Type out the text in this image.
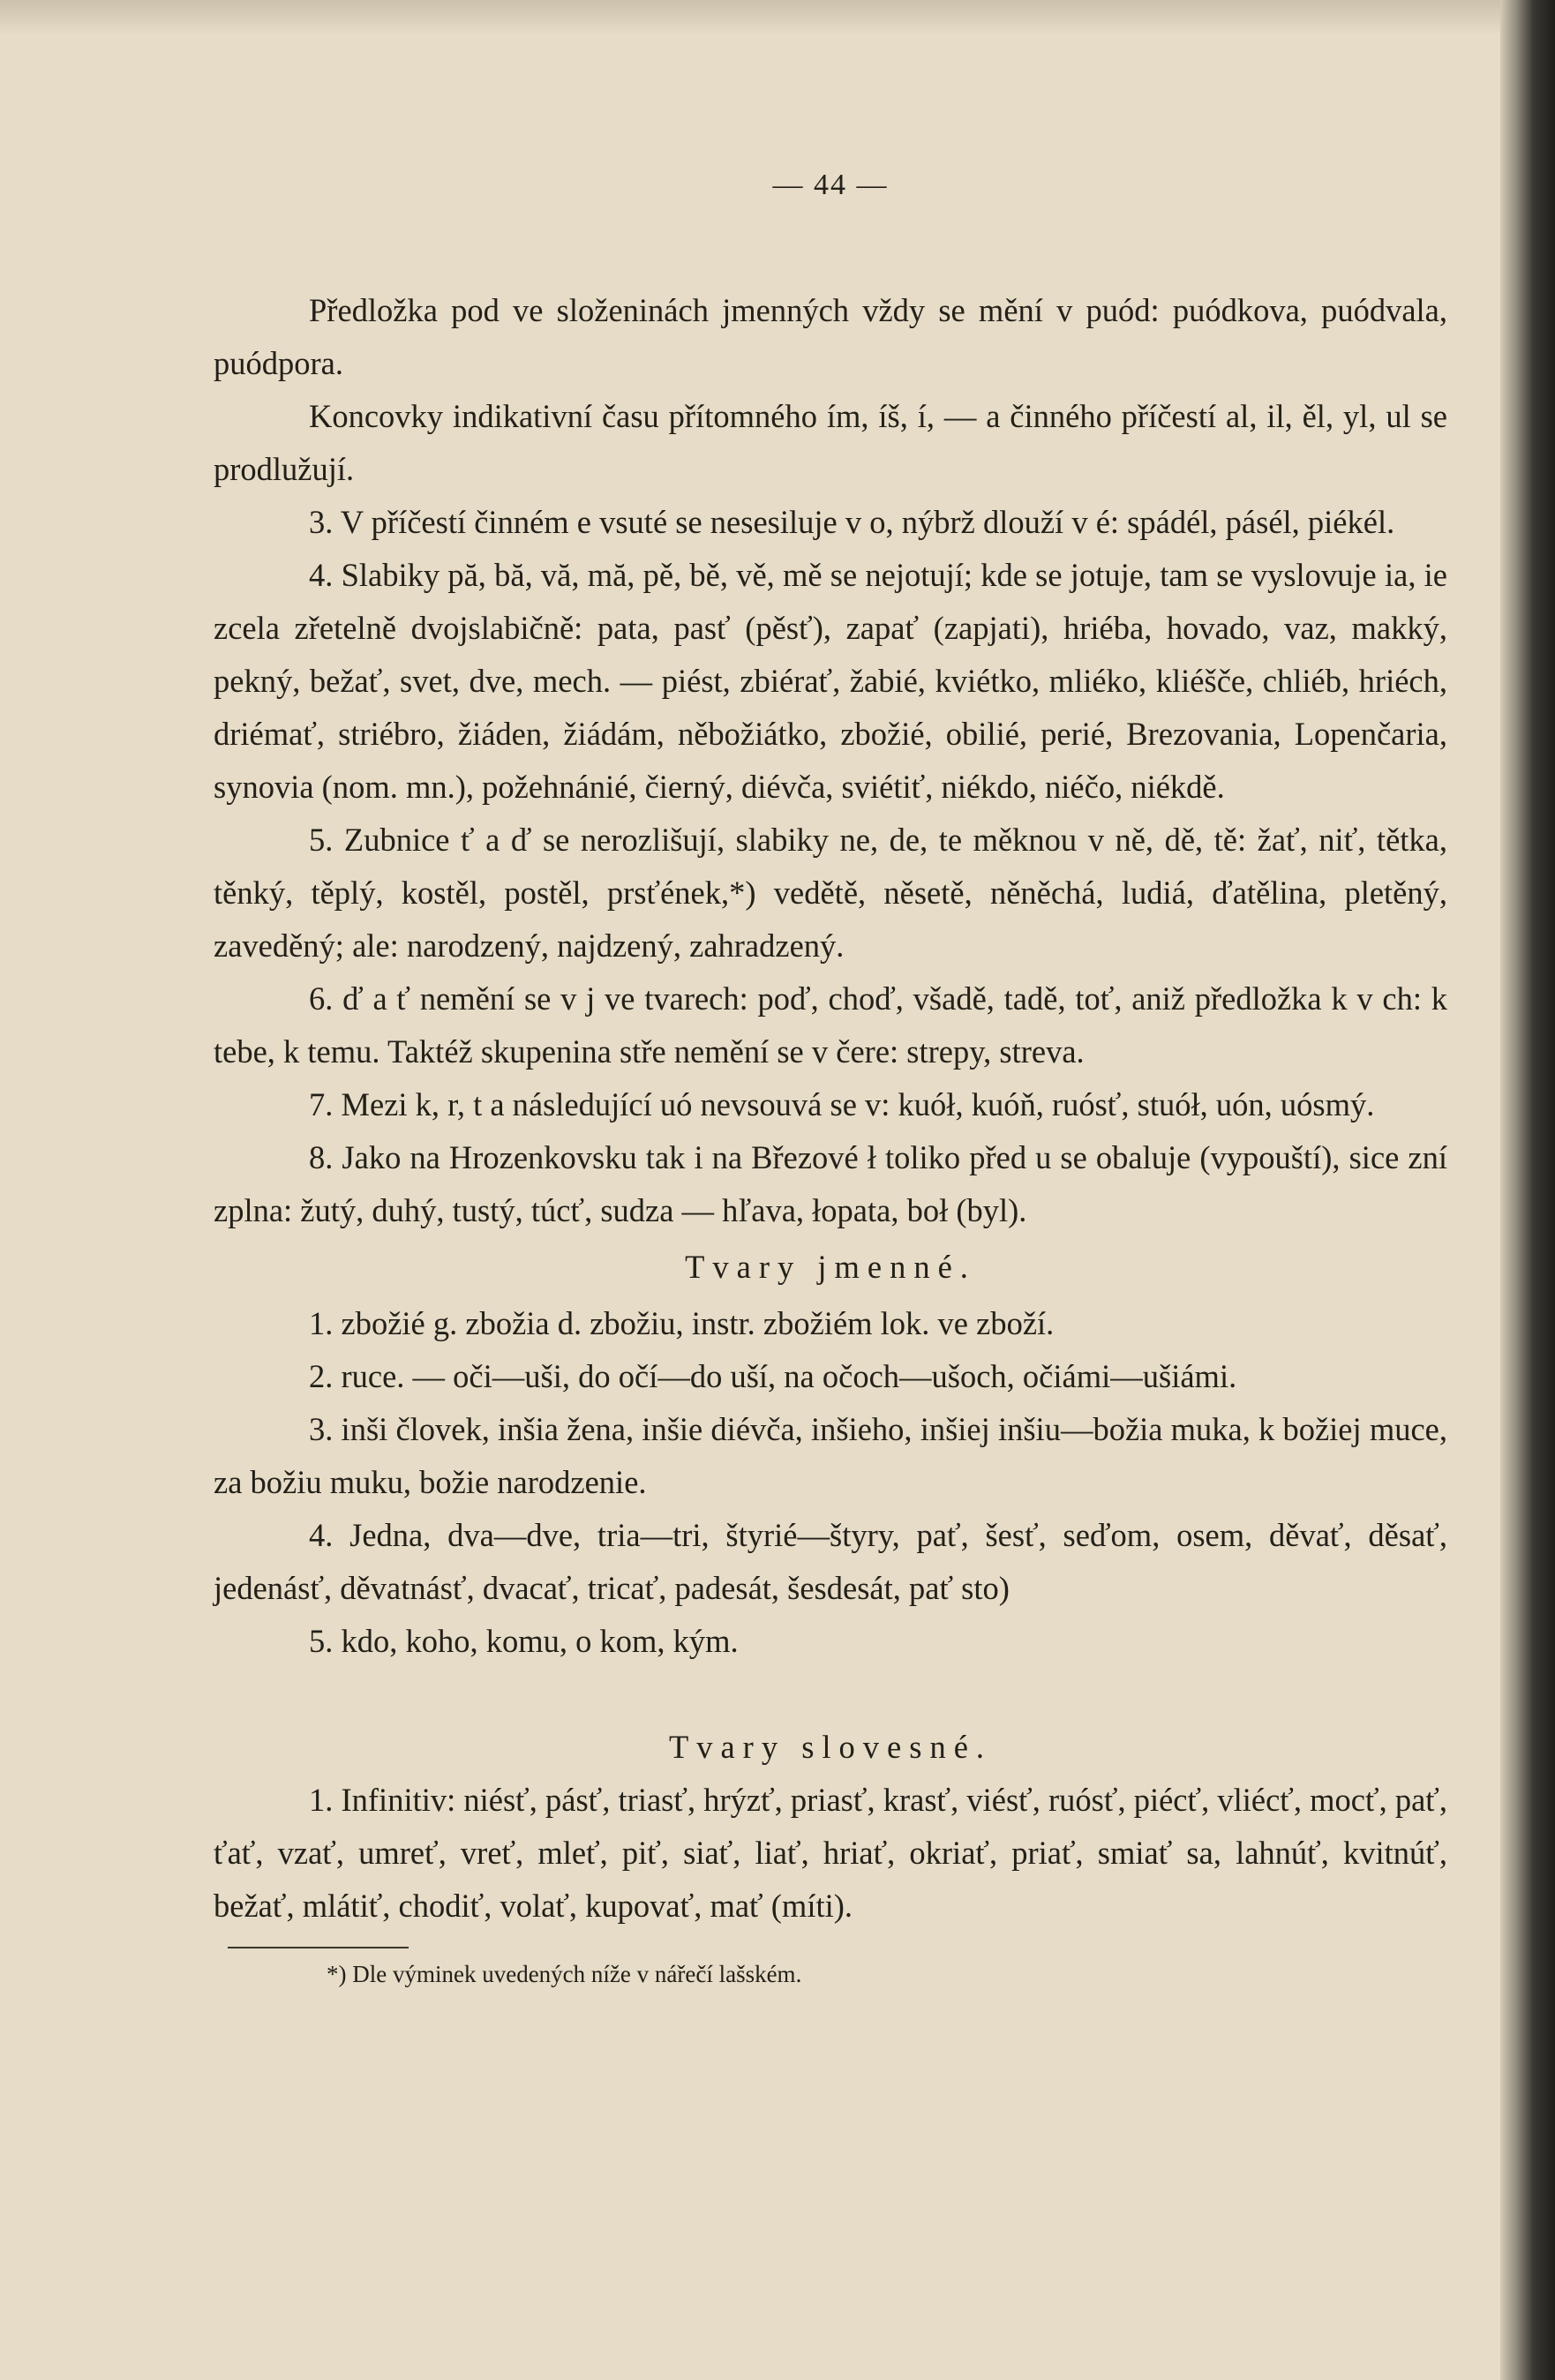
— 44 —

Předložka pod ve složeninách jmenných vždy se mění v puód: puódkova, puódvala, puódpora.

Koncovky indikativní času přítomného ím, íš, í, — a činného příčestí al, il, ěl, yl, ul se prodlužují.

3. V příčestí činném e vsuté se nesesiluje v o, nýbrž dlouží v é: spádél, pásél, piékél.

4. Slabiky pă, bă, vă, mă, pě, bě, vě, mě se nejotují; kde se jotuje, tam se vyslovuje ia, ie zcela zřetelně dvojslabičně: pata, pasť (pěsť), zapať (zapjati), hriéba, hovado, vaz, makký, pekný, bežať, svet, dve, mech. — piést, zbiérať, žabié, kviétko, mliéko, kliéšče, chliéb, hriéch, driémať, striébro, žiáden, žiádám, něbožiátko, zbožié, obilié, perié, Brezovania, Lopenčaria, synovia (nom. mn.), požehnánié, čierný, diévča, sviétiť, niékdo, niéčo, niékdě.

5. Zubnice ť a ď se nerozlišují, slabiky ne, de, te měknou v ně, dě, tě: žať, niť, tětka, těnký, těplý, kostěl, postěl, prsťének,*) vedětě, něsetě, něněchá, ludiá, ďatělina, pletěný, zaveděný; ale: narodzený, najdzený, zahradzený.

6. ď a ť nemění se v j ve tvarech: poď, choď, všadě, tadě, toť, aniž předložka k v ch: k tebe, k temu. Taktéž skupenina stře nemění se v čere: strepy, streva.

7. Mezi k, r, t a následující uó nevsouvá se v: kuół, kuóň, ruósť, stuół, uón, uósmý.

8. Jako na Hrozenkovsku tak i na Březové ł toliko před u se obaluje (vypouští), sice zní zplna: žutý, duhý, tustý, túcť, sudza — hľava, łopata, boł (byl).

Tvary jmenné.

1. zbožié g. zbožia d. zbožiu, instr. zbožiém lok. ve zboží.

2. ruce. — oči—uši, do očí—do uší, na očoch—ušoch, očiámi—ušiámi.

3. inši človek, inšia žena, inšie diévča, inšieho, inšiej inšiu—božia muka, k božiej muce, za božiu muku, božie narodzenie.

4. Jedna, dva—dve, tria—tri, štyrié—štyry, pať, šesť, seďom, osem, děvať, děsať, jedenásť, děvatnásť, dvacať, tricať, padesát, šesdesát, pať sto)

5. kdo, koho, komu, o kom, kým.

Tvary slovesné.

1. Infinitiv: niésť, pásť, triasť, hrýzť, priasť, krasť, viésť, ruósť, piécť, vliécť, mocť, pať, ťať, vzať, umreť, vreť, mleť, piť, siať, liať, hriať, okriať, priať, smiať sa, lahnúť, kvitnúť, bežať, mlátiť, chodiť, volať, kupovať, mať (míti).

*) Dle výminek uvedených níže v nářečí lašském.
